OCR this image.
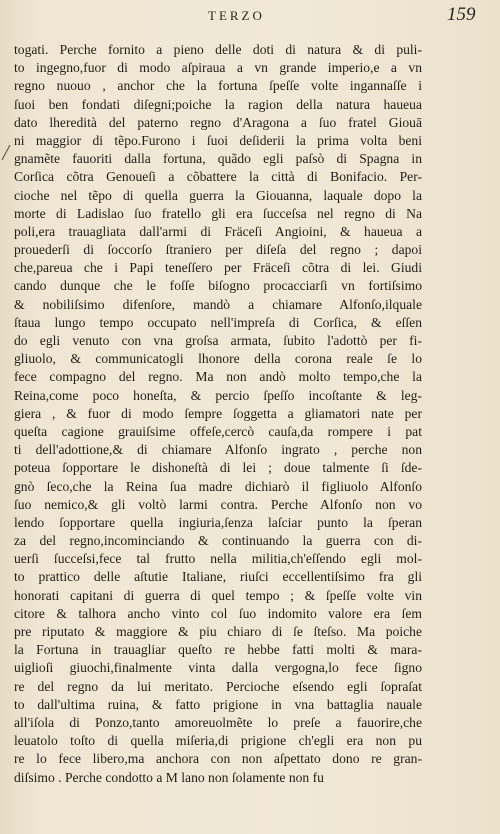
TERZO	159
togati. Perche fornito a pieno delle doti di natura & di puli-
to ingegno,fuor di modo aſpiraua a vn grande imperio,e a vn
regno nuouo , anchor che la fortuna ſpeſſe volte ingannaſſe i
ſuoi ben fondati diſegni;poiche la ragion della natura haueua
dato lheredità del paterno regno d'Aragona a ſuo fratel Giouā
ni maggior di tẽpo.Furono i ſuoi deſiderii la prima volta beni
gnamẽte fauoriti dalla fortuna, quãdo egli paſsò di Spagna in
Corſica cõtra Genoueſi a cõbattere la città di Bonifacio. Per-
cioche nel tẽpo di quella guerra la Giouanna, laquale dopo la
morte di Ladislao ſuo fratello gli era ſucceſsa nel regno di Na
poli,era trauagliata dall'armi di Fräceſi Angioini, & haueua a
prouederſi di ſoccorſo ſtraniero per diſeſa del regno ; dapoi
che,pareua che i Papi teneſſero per Fräceſi cõtra di lei. Giudi
cando dunque che le foſſe biſogno procacciarſi vn fortiſsimo
& nobiliſsimo difenſore, mandò a chiamare Alfonſo,ilquale
ſtaua lungo tempo occupato nell'impreſa di Corſica, & eſſen
do egli venuto con vna groſsa armata, ſubito l'adottò per fi-
gliuolo, & communicatogli lhonore della corona reale ſe lo
fece compagno del regno. Ma non andò molto tempo,che la
Reina,come poco honeſta, & percio ſpeſſo incoſtante & leg-
giera , & fuor di modo ſempre ſoggetta a gliamatori nate per
queſta cagione grauiſsime offeſe,cercò cauſa,da rompere i pat
ti dell'adottione,& di chiamare Alfonſo ingrato , perche non
poteua ſopportare le dishoneſtà di lei ; doue talmente ſi ſde-
gnò ſeco,che la Reina ſua madre dichiarò il figliuolo Alfonſo
ſuo nemico,& gli voltò larmi contra. Perche Alfonſo non vo
lendo ſopportare quella ingiuria,ſenza laſciar punto la ſperan
za del regno,incominciando & continuando la guerra con di-
uerſi ſucceſsi,fece tal frutto nella militia,ch'eſſendo egli mol-
to prattico delle aſtutie Italiane, riuſci eccellentiſsimo fra gli
honorati capitani di guerra di quel tempo ; & ſpeſſe volte vin
citore & talhora ancho vinto col ſuo indomito valore era ſem
pre riputato & maggiore & piu chiaro di ſe ſteſso. Ma poiche
la Fortuna in trauagliar queſto re hebbe fatti molti & mara-
uiglioſi giuochi,finalmente vinta dalla vergogna,lo fece ſigno
re del regno da lui meritato. Percioche eſsendo egli ſopraſat
to dall'ultima ruina, & fatto prigione in vna battaglia nauale
all'iſola di Ponzo,tanto amoreuolmẽte lo preſe a fauorire,che
leuatolo toſto di quella miſeria,di prigione ch'egli era non pu
re lo fece libero,ma anchora con non aſpettato dono re gran-
diſsimo . Perche condotto a M lano non ſolamente non fu
